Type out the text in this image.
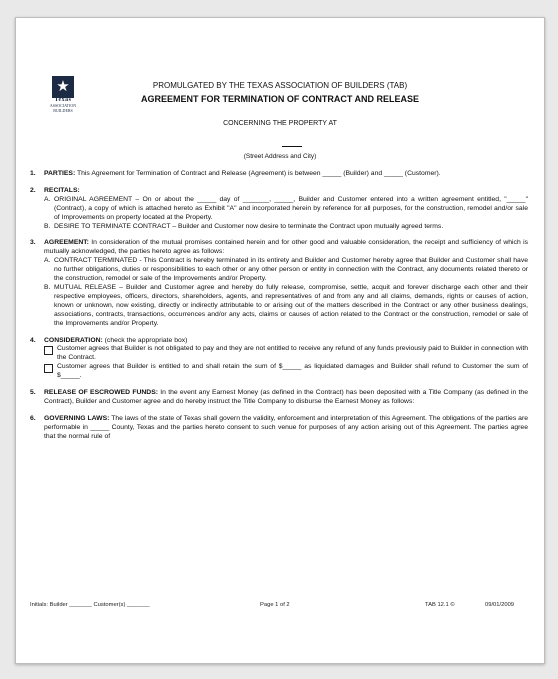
★
Texas
ASSOCIATION
BUILDERS
PROMULGATED BY THE TEXAS ASSOCIATION OF BUILDERS (TAB)
AGREEMENT FOR TERMINATION OF CONTRACT AND RELEASE
CONCERNING THE PROPERTY AT
(Street Address and City)
1.	PARTIES: This Agreement for Termination of Contract and Release (Agreement) is between _____ (Builder) and _____ (Customer).
2.	RECITALS:
A. ORIGINAL AGREEMENT – On or about the _____ day of _______, _____, Builder and Customer entered into a written agreement entitled, "_____" (Contract), a copy of which is attached hereto as Exhibit "A" and incorporated herein by reference for all purposes, for the construction, remodel and/or sale of Improvements on property located at the Property.
B. DESIRE TO TERMINATE CONTRACT – Builder and Customer now desire to terminate the Contract upon mutually agreed terms.
3.	AGREEMENT: In consideration of the mutual promises contained herein and for other good and valuable consideration, the receipt and sufficiency of which is mutually acknowledged, the parties hereto agree as follows:
A. CONTRACT TERMINATED - This Contract is hereby terminated in its entirety and Builder and Customer hereby agree that Builder and Customer shall have no further obligations, duties or responsibilities to each other or any other person or entity in connection with the Contract, any documents related thereto or the construction, remodel or sale of the Improvements and/or Property.
B. MUTUAL RELEASE – Builder and Customer agree and hereby do fully release, compromise, settle, acquit and forever discharge each other and their respective employees, officers, directors, shareholders, agents, and representatives of and from any and all claims, demands, rights or causes of action, known or unknown, now existing, directly or indirectly attributable to or arising out of the matters described in the Contract or any other business dealings, associations, contracts, transactions, occurrences and/or any acts, claims or causes of action related to the Contract or the construction, remodel or sale of the Improvements and/or Property.
4.	CONSIDERATION: (check the appropriate box)
Customer agrees that Builder is not obligated to pay and they are not entitled to receive any refund of any funds previously paid to Builder in connection with the Contract.
Customer agrees that Builder is entitled to and shall retain the sum of $_____ as liquidated damages and Builder shall refund to Customer the sum of $_____.
5.	RELEASE OF ESCROWED FUNDS: In the event any Earnest Money (as defined in the Contract) has been deposited with a Title Company (as defined in the Contract), Builder and Customer agree and do hereby instruct the Title Company to disburse the Earnest Money as follows:
6.	GOVERNING LAWS: The laws of the state of Texas shall govern the validity, enforcement and interpretation of this Agreement. The obligations of the parties are performable in _____ County, Texas and the parties hereto consent to such venue for purposes of any action arising out of this Agreement. The parties agree that the normal rule of
Initials: Builder _______ Customer(s) _______	Page 1 of 2	TAB 12.1 ©	09/01/2009
